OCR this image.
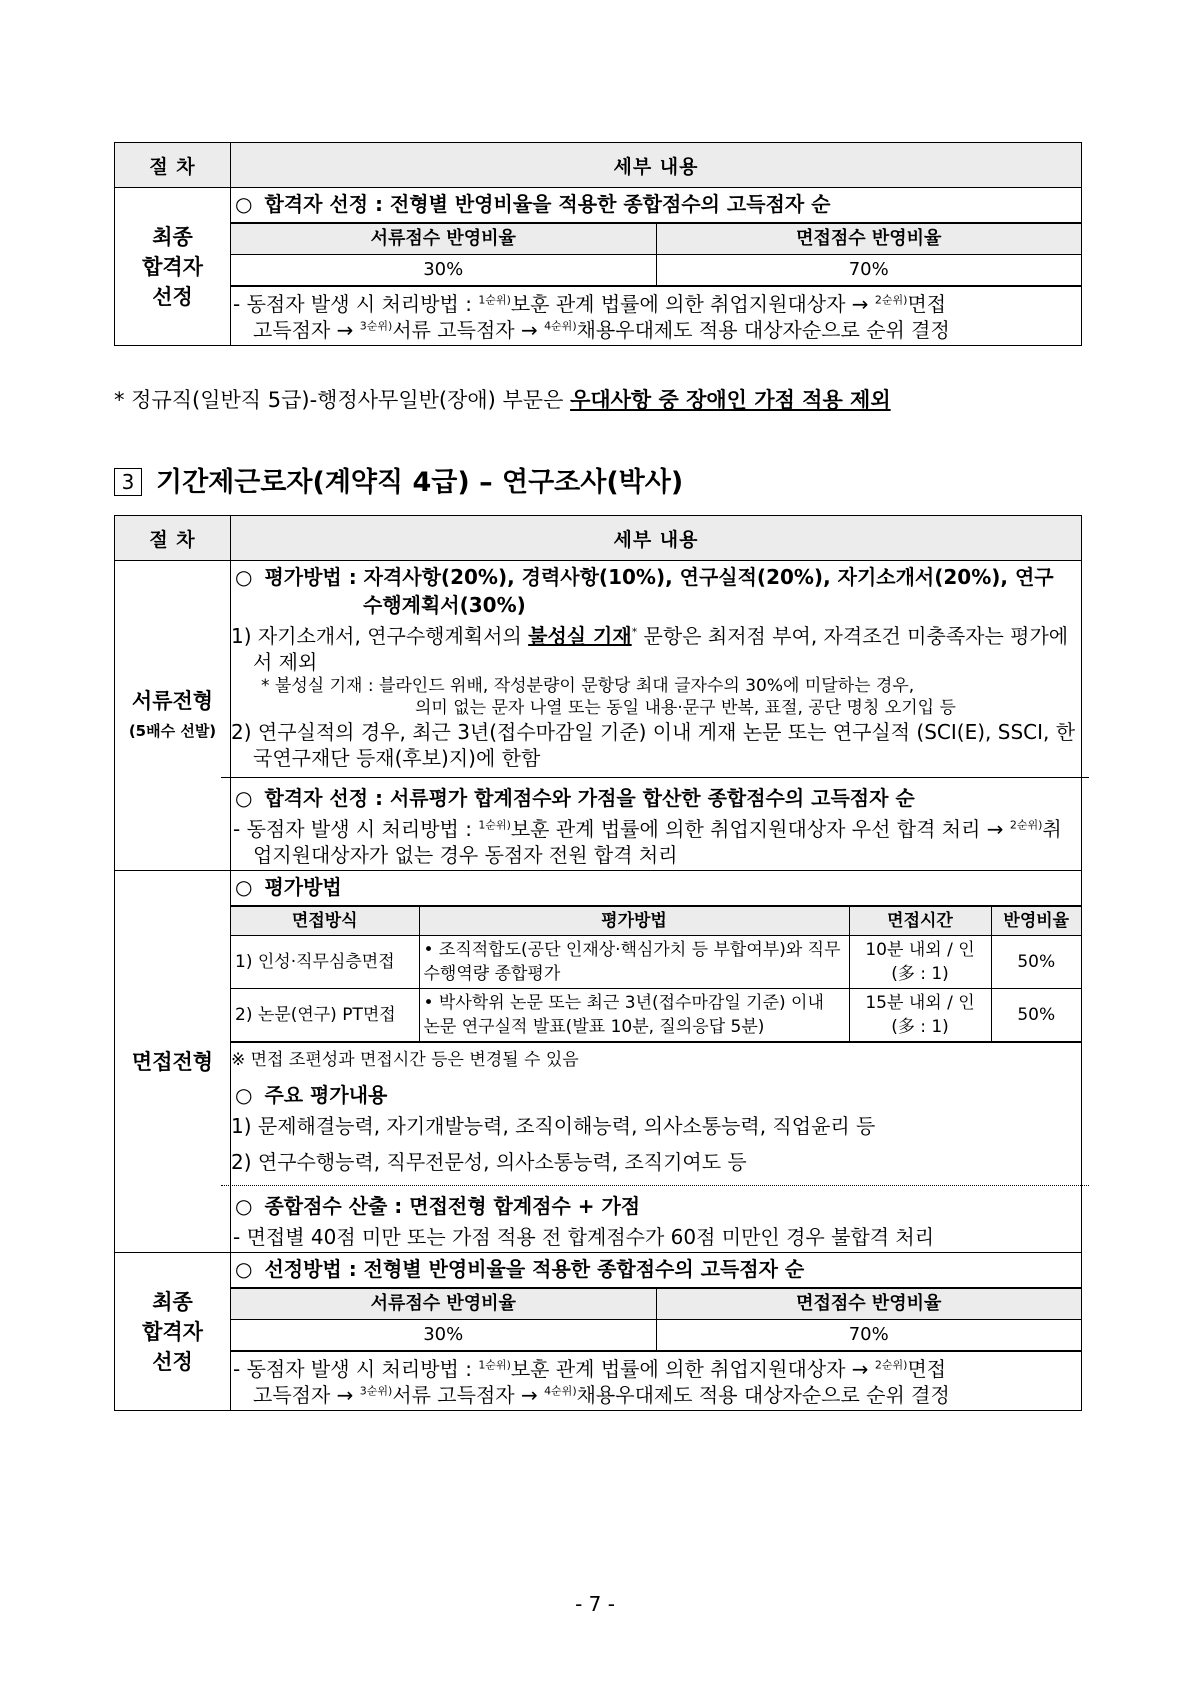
절 차	세부 내용

최종
합격자
선정

○ 합격자 선정 : 전형별 반영비율을 적용한 종합점수의 고득점자 순
서류점수 반영비율	면접점수 반영비율
30%	70%
- 동점자 발생 시 처리방법 : $^{1순위)}$보훈 관계 법률에 의한 취업지원대상자 → $^{2순위)}$면접
고득점자 → $^{3순위)}$서류 고득점자 → $^{4순위)}$채용우대제도 적용 대상자순으로 순위 결정
* 정규직(일반직 5급)-행정사무일반(장애) 부문은 우대사항 중 장애인 가점 적용 제외
3 기간제근로자(계약직 4급) – 연구조사(박사)
절 차	세부 내용

서류전형
(5배수 선발)

○ 평가방법 : 자격사항(20%), 경력사항(10%), 연구실적(20%), 자기소개서(20%), 연구
수행계획서(30%)
1) 자기소개서, 연구수행계획서의 불성실 기재* 문항은 최저점 부여, 자격조건 미충족자는 평가에서 제외
* 불성실 기재 : 블라인드 위배, 작성분량이 문항당 최대 글자수의 30%에 미달하는 경우,
의미 없는 문자 나열 또는 동일 내용·문구 반복, 표절, 공단 명칭 오기입 등
2) 연구실적의 경우, 최근 3년(접수마감일 기준) 이내 게재 논문 또는 연구실적 (SCI(E), SSCI, 한국연구재단 등재(후보)지)에 한함
○ 합격자 선정 : 서류평가 합계점수와 가점을 합산한 종합점수의 고득점자 순
- 동점자 발생 시 처리방법 : $^{1순위)}$보훈 관계 법률에 의한 취업지원대상자 우선 합격 처리 → $^{2순위)}$취업지원대상자가 없는 경우 동점자 전원 합격 처리

면접전형	
○ 평가방법
면접방식	평가방법	면접시간	반영비율
1) 인성·직무심층면접	• 조직적합도(공단 인재상·핵심가치 등 부합여부)와 직무수행역량 종합평가	10분 내외 / 인 (多 : 1)	50%
2) 논문(연구) PT면접	• 박사학위 논문 또는 최근 3년(접수마감일 기준) 이내 논문 연구실적 발표(발표 10분, 질의응답 5분)	15분 내외 / 인 (多 : 1)	50%
※ 면접 조편성과 면접시간 등은 변경될 수 있음
○ 주요 평가내용
1) 문제해결능력, 자기개발능력, 조직이해능력, 의사소통능력, 직업윤리 등
2) 연구수행능력, 직무전문성, 의사소통능력, 조직기여도 등
○ 종합점수 산출 : 면접전형 합계점수 + 가점
- 면접별 40점 미만 또는 가점 적용 전 합계점수가 60점 미만인 경우 불합격 처리

최종
합격자
선정

○ 선정방법 : 전형별 반영비율을 적용한 종합점수의 고득점자 순
서류점수 반영비율	면접점수 반영비율
30%	70%
- 동점자 발생 시 처리방법 : $^{1순위)}$보훈 관계 법률에 의한 취업지원대상자 → $^{2순위)}$면접
고득점자 → $^{3순위)}$서류 고득점자 → $^{4순위)}$채용우대제도 적용 대상자순으로 순위 결정
- 7 -
